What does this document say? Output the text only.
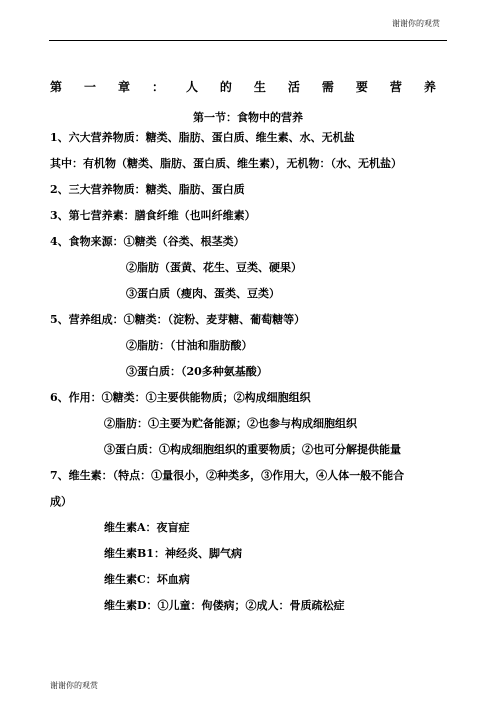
谢谢你的观赏
第 一 章 ： 人 的 生 活 需 要 营 养
第一节：食物中的营养
1、六大营养物质：糖类、脂肪、蛋白质、维生素、水、无机盐
其中：有机物（糖类、脂肪、蛋白质、维生素），无机物：（水、无机盐）
2、三大营养物质：糖类、脂肪、蛋白质
3、第七营养素：膳食纤维（也叫纤维素）
4、食物来源：①糖类（谷类、根茎类）
②脂肪（蛋黄、花生、豆类、硬果）
③蛋白质（瘦肉、蛋类、豆类）
5、营养组成：①糖类：（淀粉、麦芽糖、葡萄糖等）
②脂肪：（甘油和脂肪酸）
③蛋白质：（20多种氨基酸）
6、作用：①糖类：①主要供能物质；②构成细胞组织
②脂肪：①主要为贮备能源；②也参与构成细胞组织
③蛋白质：①构成细胞组织的重要物质；②也可分解提供能量
7、维生素：（特点：①量很小，②种类多，③作用大，④人体一般不能合
成）
维生素A：夜盲症
维生素B1：神经炎、脚气病
维生素C：坏血病
维生素D：①儿童：佝偻病；②成人：骨质疏松症
谢谢你的观赏
